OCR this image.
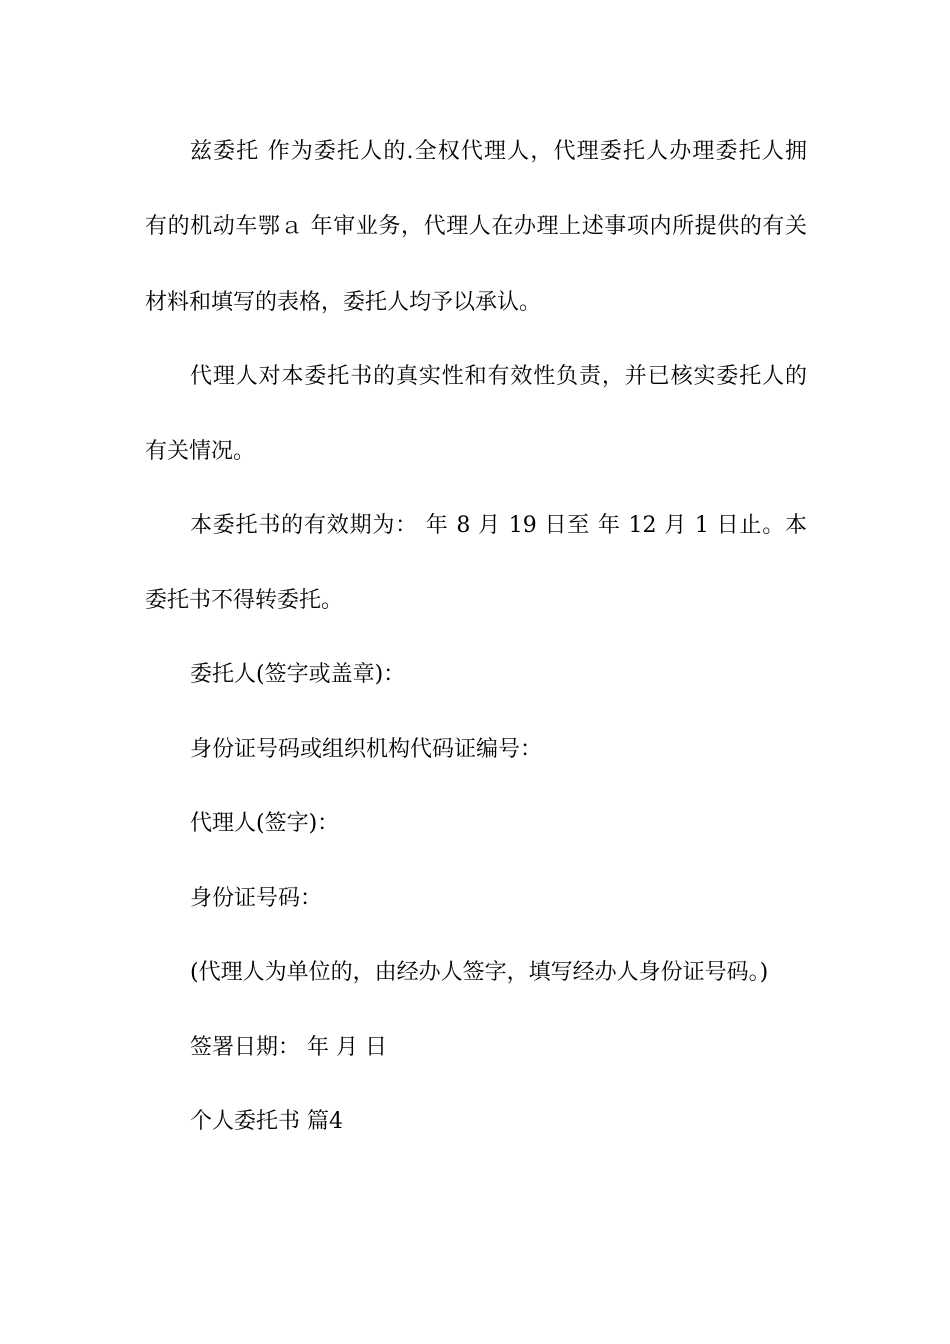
兹委托 作为委托人的.全权代理人，代理委托人办理委托人拥
有的机动车鄂ａ 年审业务，代理人在办理上述事项内所提供的有关
材料和填写的表格，委托人均予以承认。
代理人对本委托书的真实性和有效性负责，并已核实委托人的
有关情况。
本委托书的有效期为： 年 8 月 19 日至 年 12 月 1 日止。本
委托书不得转委托。
委托人(签字或盖章)：
身份证号码或组织机构代码证编号：
代理人(签字)：
身份证号码：
(代理人为单位的，由经办人签字，填写经办人身份证号码。)
签署日期： 年 月 日
个人委托书 篇4
